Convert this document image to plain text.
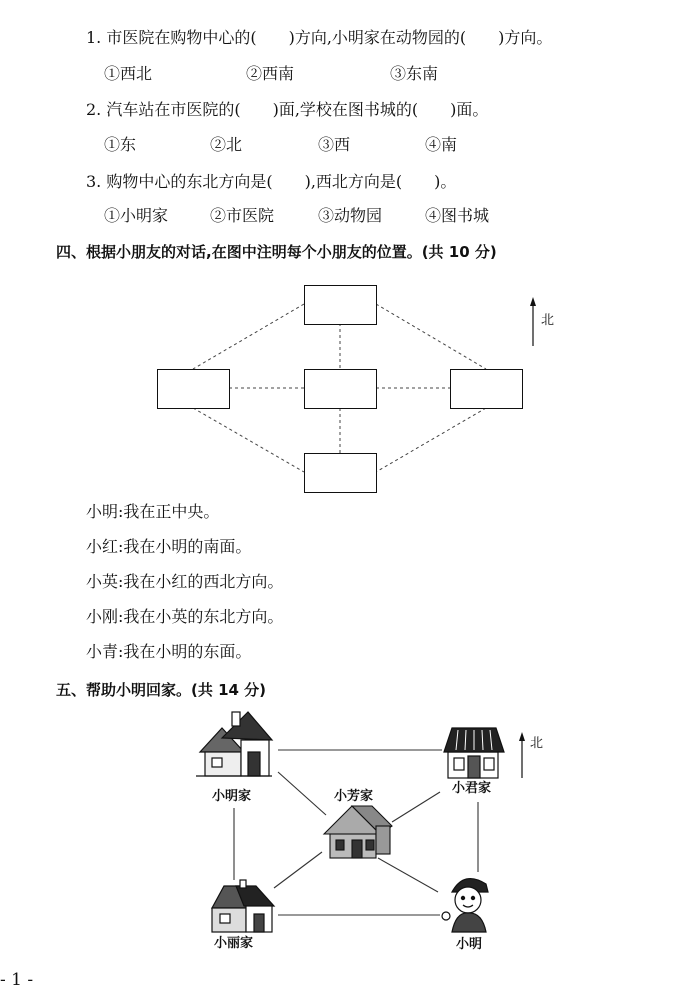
1. 市医院在购物中心的(　　)方向,小明家在动物园的(　　)方向。
①西北	②西南	③东南
2. 汽车站在市医院的(　　)面,学校在图书城的(　　)面。
①东	②北	③西	④南
3. 购物中心的东北方向是(　　),西北方向是(　　)。
①小明家	②市医院	③动物园	④图书城
四、根据小朋友的对话,在图中注明每个小朋友的位置。(共 10 分)
北
小明:我在正中央。
小红:我在小明的南面。
小英:我在小红的西北方向。
小刚:我在小英的东北方向。
小青:我在小明的东面。
五、帮助小明回家。(共 14 分)
北
小明家	小芳家
小君家
小丽家	小明
- 1 -
